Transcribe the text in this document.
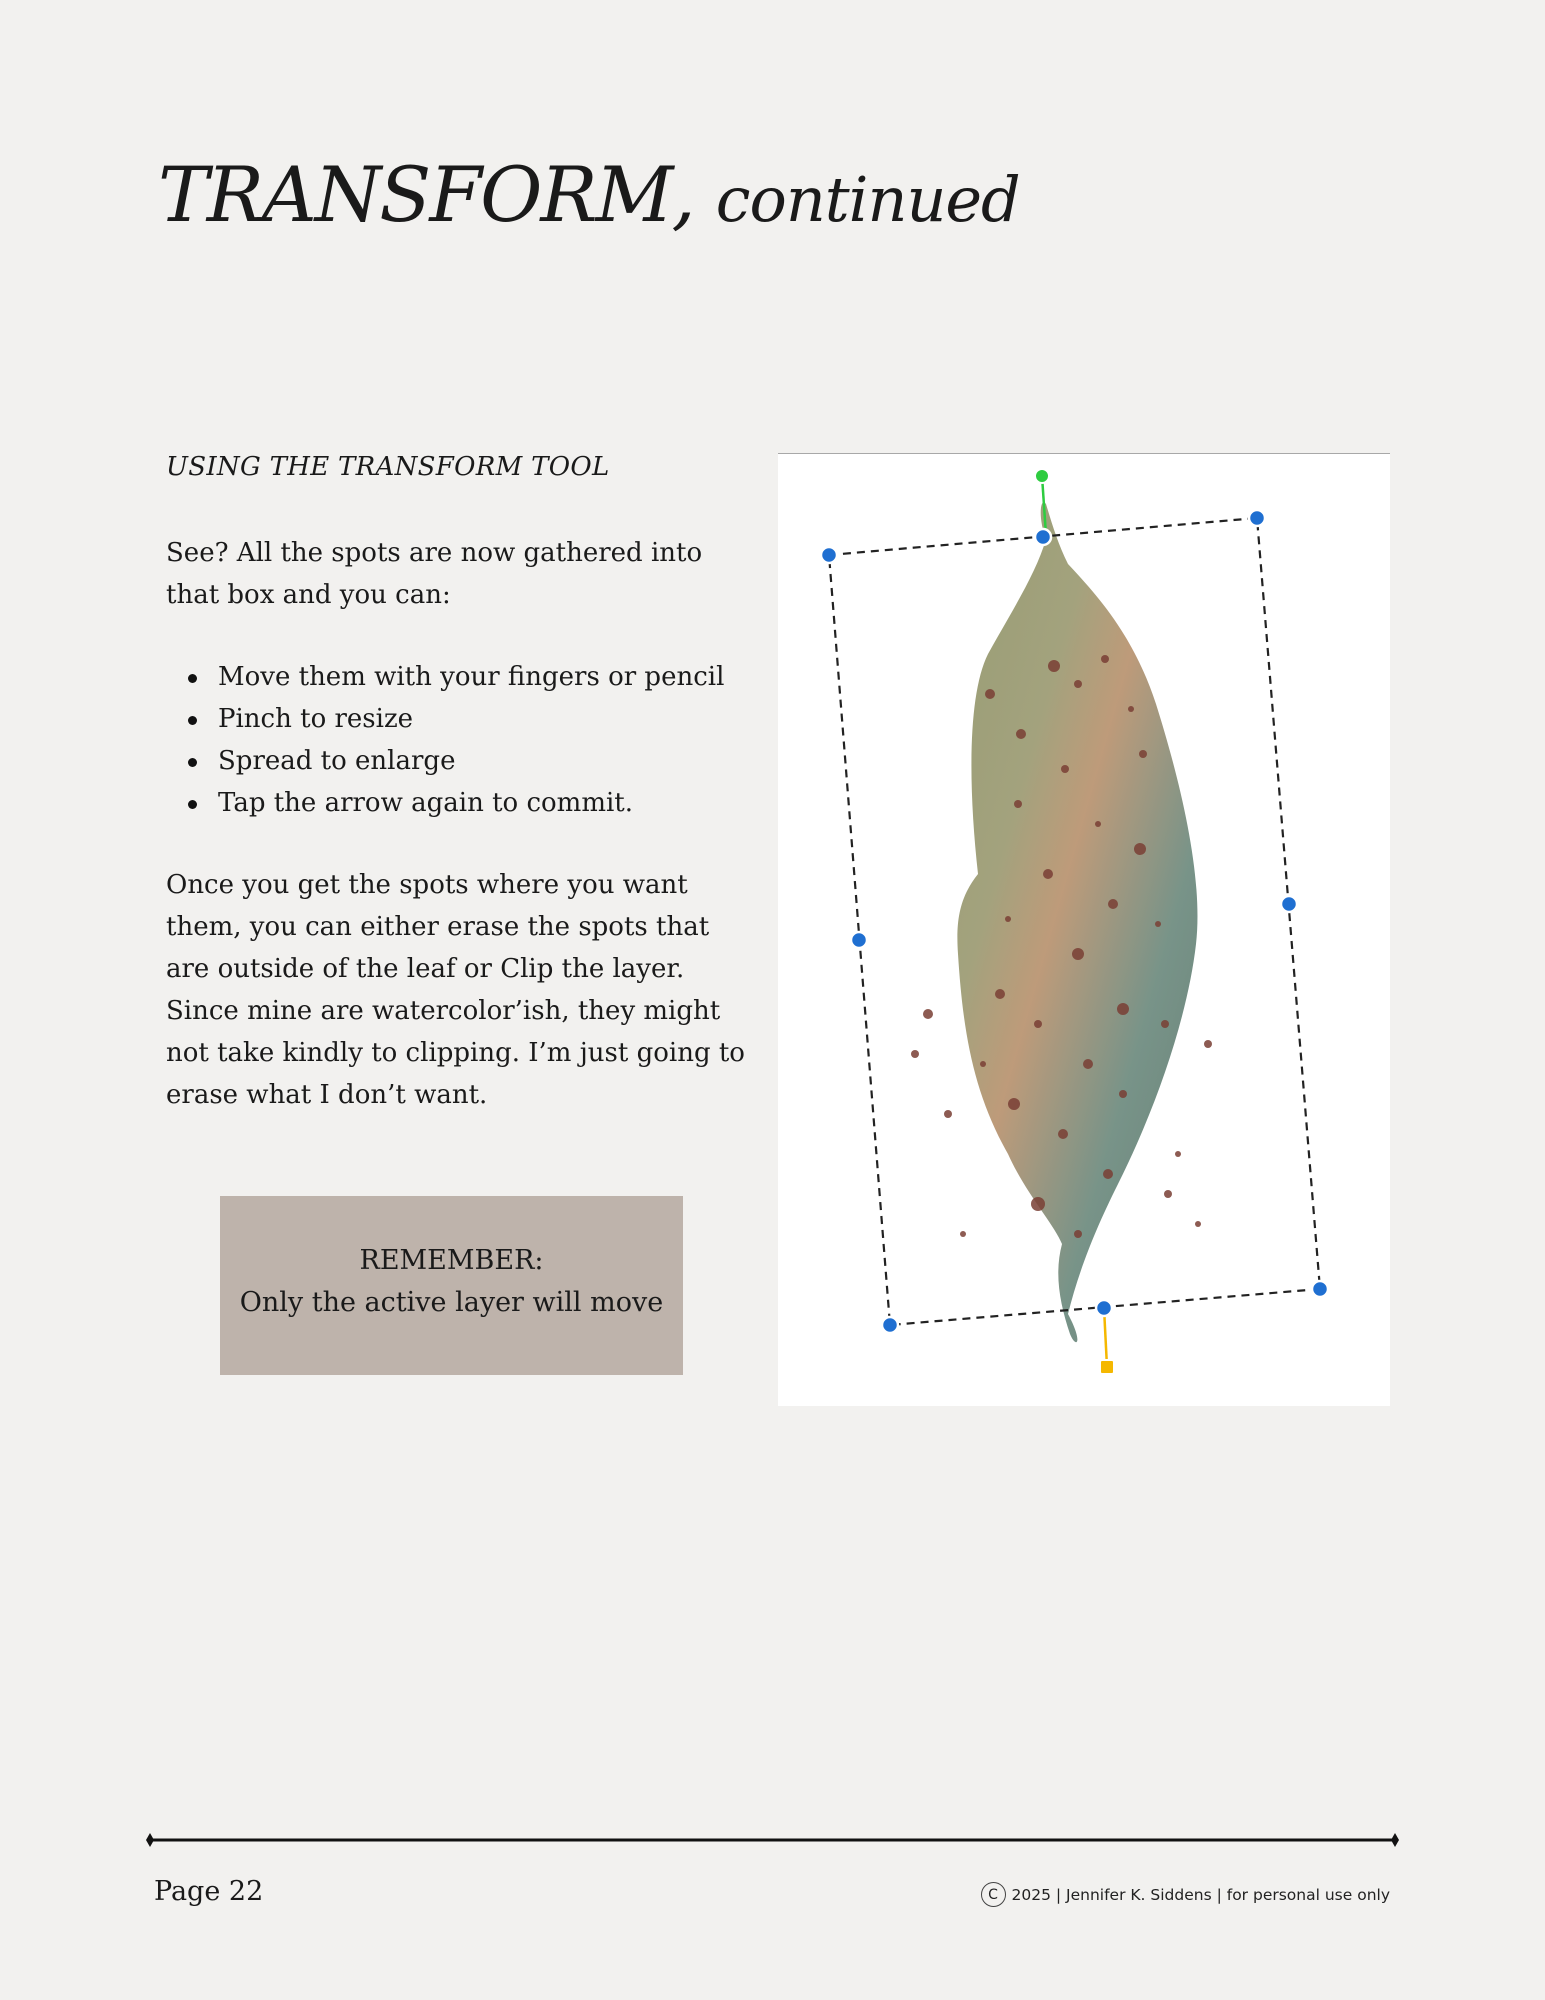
TRANSFORM, continued
USING THE TRANSFORM TOOL

See? All the spots are now gathered into that box and you can:

Move them with your fingers or pencil
Pinch to resize
Spread to enlarge
Tap the arrow again to commit.

Once you get the spots where you want them, you can either erase the spots that are outside of the leaf or Clip the layer. Since mine are watercolor’ish, they might not take kindly to clipping. I’m just going to erase what I don’t want.

REMEMBER:

Only the active layer will move

Page 22	C 2025 | Jennifer K. Siddens | for personal use only
